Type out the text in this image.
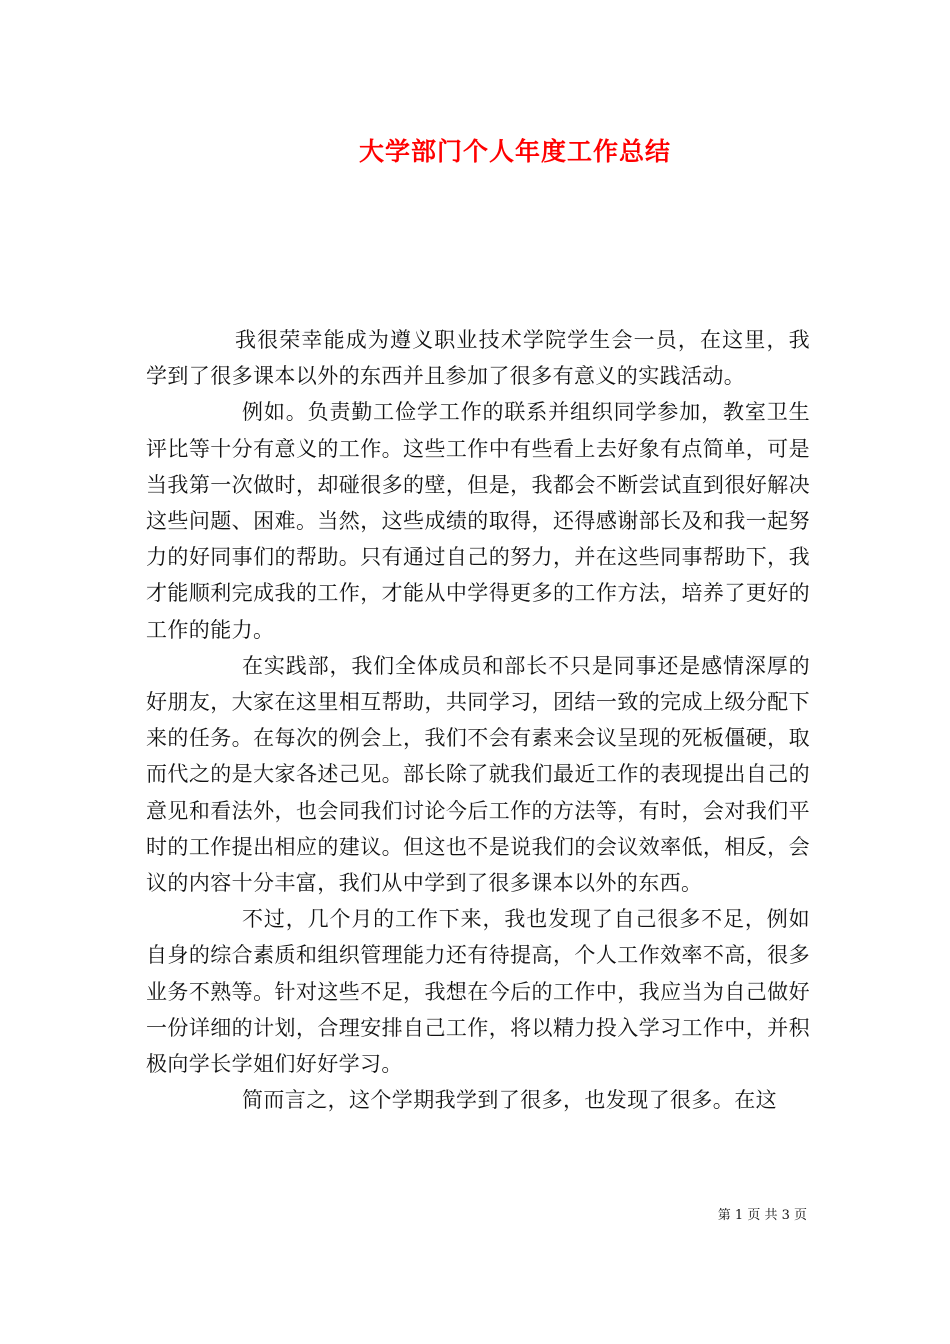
大学部门个人年度工作总结

我很荣幸能成为遵义职业技术学院学生会一员，在这里，我学到了很多课本以外的东西并且参加了很多有意义的实践活动。

例如。负责勤工俭学工作的联系并组织同学参加，教室卫生评比等十分有意义的工作。这些工作中有些看上去好象有点简单，可是当我第一次做时，却碰很多的壁，但是，我都会不断尝试直到很好解决这些问题、困难。当然，这些成绩的取得，还得感谢部长及和我一起努力的好同事们的帮助。只有通过自己的努力，并在这些同事帮助下，我才能顺利完成我的工作，才能从中学得更多的工作方法，培养了更好的工作的能力。

在实践部，我们全体成员和部长不只是同事还是感情深厚的好朋友，大家在这里相互帮助，共同学习，团结一致的完成上级分配下来的任务。在每次的例会上，我们不会有素来会议呈现的死板僵硬，取而代之的是大家各述己见。部长除了就我们最近工作的表现提出自己的意见和看法外，也会同我们讨论今后工作的方法等，有时，会对我们平时的工作提出相应的建议。但这也不是说我们的会议效率低，相反，会议的内容十分丰富，我们从中学到了很多课本以外的东西。

不过，几个月的工作下来，我也发现了自己很多不足，例如自身的综合素质和组织管理能力还有待提高，个人工作效率不高，很多业务不熟等。针对这些不足，我想在今后的工作中，我应当为自己做好一份详细的计划，合理安排自己工作，将以精力投入学习工作中，并积极向学长学姐们好好学习。

简而言之，这个学期我学到了很多，也发现了很多。在这

第 1 页 共 3 页
